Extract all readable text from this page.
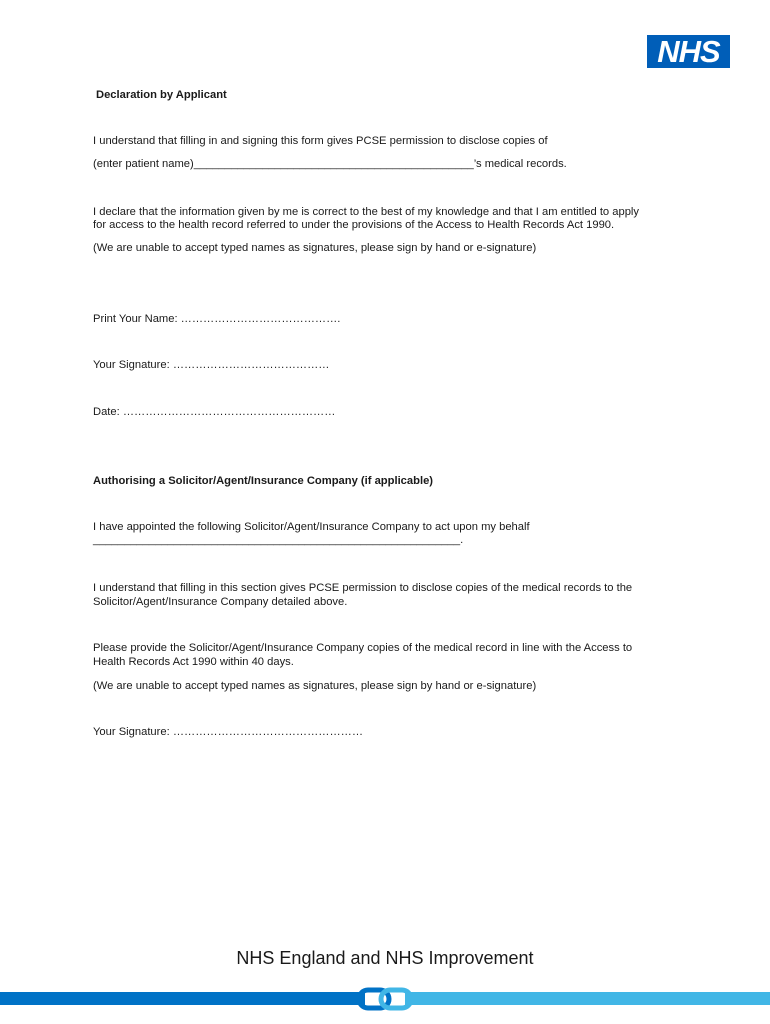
NHS
Declaration by Applicant
I understand that filling in and signing this form gives PCSE permission to disclose copies of
(enter patient name)_____________________________________________’s medical records.
I declare that the information given by me is correct to the best of my knowledge and that I am entitled to apply
for access to the health record referred to under the provisions of the Access to Health Records Act 1990.
(We are unable to accept typed names as signatures, please sign by hand or e-signature)
Print Your Name: …………………………………….
Your Signature: ……………………………………
Date: …………………………………………………
Authorising a Solicitor/Agent/Insurance Company (if applicable)
I have appointed the following Solicitor/Agent/Insurance Company to act upon my behalf
___________________________________________________________.
I understand that filling in this section gives PCSE permission to disclose copies of the medical records to the
Solicitor/Agent/Insurance Company detailed above.
Please provide the Solicitor/Agent/Insurance Company copies of the medical record in line with the Access to
Health Records Act 1990 within 40 days.
(We are unable to accept typed names as signatures, please sign by hand or e-signature)
Your Signature: ……………………………………………
NHS England and NHS Improvement
